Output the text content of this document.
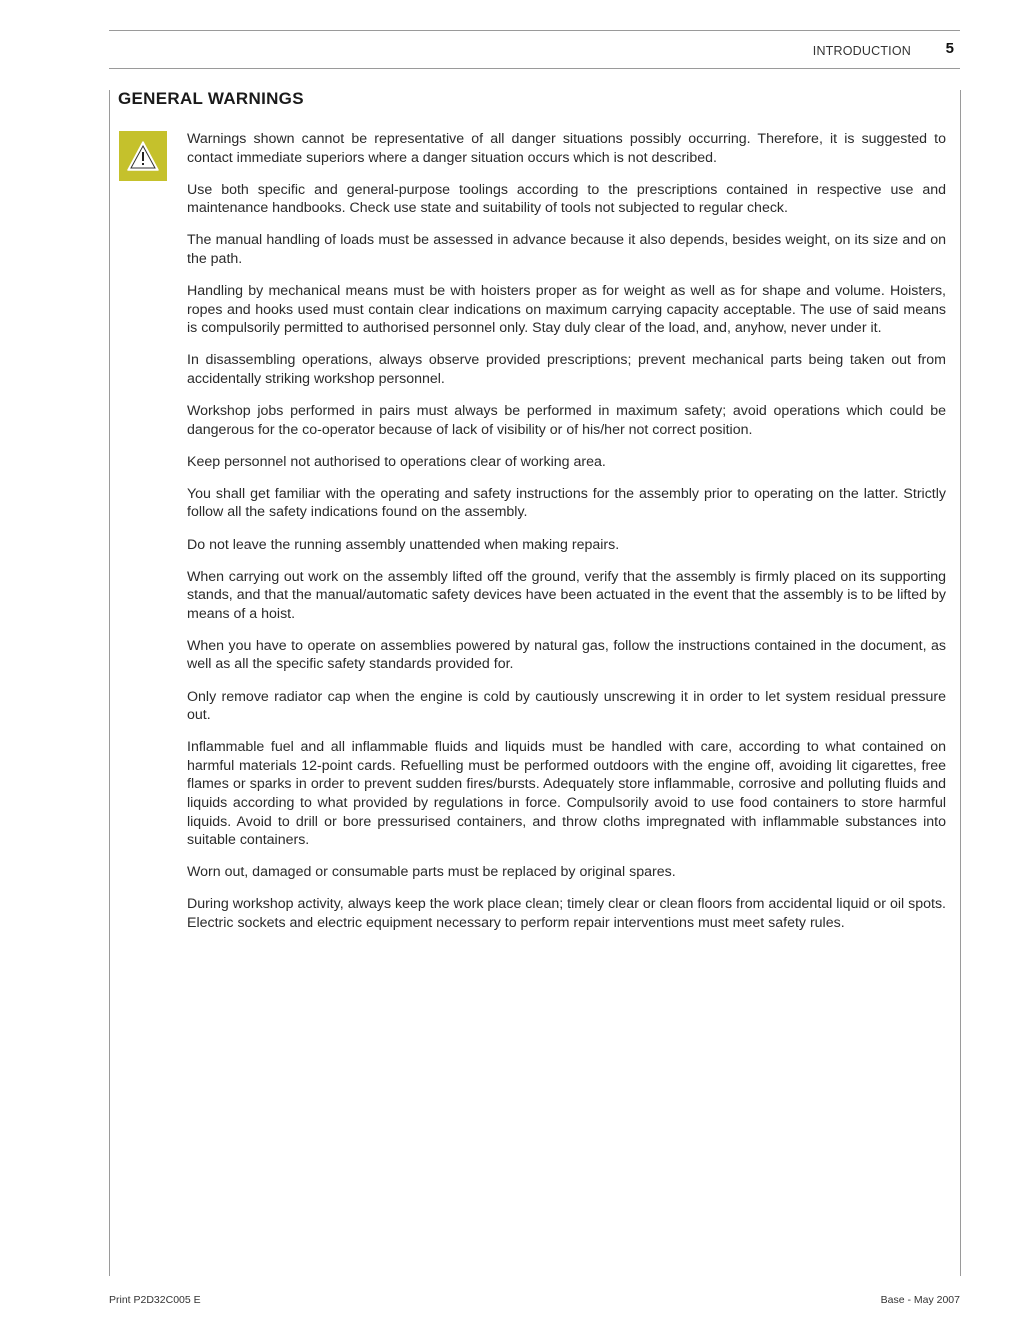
INTRODUCTION 5
GENERAL WARNINGS

Warnings shown cannot be representative of all danger situations possibly occurring. Therefore, it is suggested to contact immediate superiors where a danger situation occurs which is not described.

Use both specific and general-purpose toolings according to the prescriptions contained in respective use and maintenance handbooks. Check use state and suitability of tools not subjected to regular check.

The manual handling of loads must be assessed in advance because it also depends, besides weight, on its size and on the path.

Handling by mechanical means must be with hoisters proper as for weight as well as for shape and volume. Hoisters, ropes and hooks used must contain clear indications on maximum carrying capacity acceptable. The use of said means is compulsorily permitted to authorised personnel only. Stay duly clear of the load, and, anyhow, never under it.

In disassembling operations, always observe provided prescriptions; prevent mechanical parts being taken out from accidentally striking workshop personnel.

Workshop jobs performed in pairs must always be performed in maximum safety; avoid operations which could be dangerous for the co-operator because of lack of visibility or of his/her not correct position.

Keep personnel not authorised to operations clear of working area.

You shall get familiar with the operating and safety instructions for the assembly prior to operating on the latter. Strictly follow all the safety indications found on the assembly.

Do not leave the running assembly unattended when making repairs.

When carrying out work on the assembly lifted off the ground, verify that the assembly is firmly placed on its supporting stands, and that the manual/automatic safety devices have been actuated in the event that the assembly is to be lifted by means of a hoist.

When you have to operate on assemblies powered by natural gas, follow the instructions contained in the document, as well as all the specific safety standards provided for.

Only remove radiator cap when the engine is cold by cautiously unscrewing it in order to let system residual pressure out.

Inflammable fuel and all inflammable fluids and liquids must be handled with care, according to what contained on harmful materials 12-point cards. Refuelling must be performed outdoors with the engine off, avoiding lit cigarettes, free flames or sparks in order to prevent sudden fires/bursts. Adequately store inflammable, corrosive and polluting fluids and liquids according to what provided by regulations in force. Compulsorily avoid to use food containers to store harmful liquids. Avoid to drill or bore pressurised containers, and throw cloths impregnated with inflammable substances into suitable containers.

Worn out, damaged or consumable parts must be replaced by original spares.

During workshop activity, always keep the work place clean; timely clear or clean floors from accidental liquid or oil spots. Electric sockets and electric equipment necessary to perform repair interventions must meet safety rules.

Print P2D32C005 E	Base - May 2007
